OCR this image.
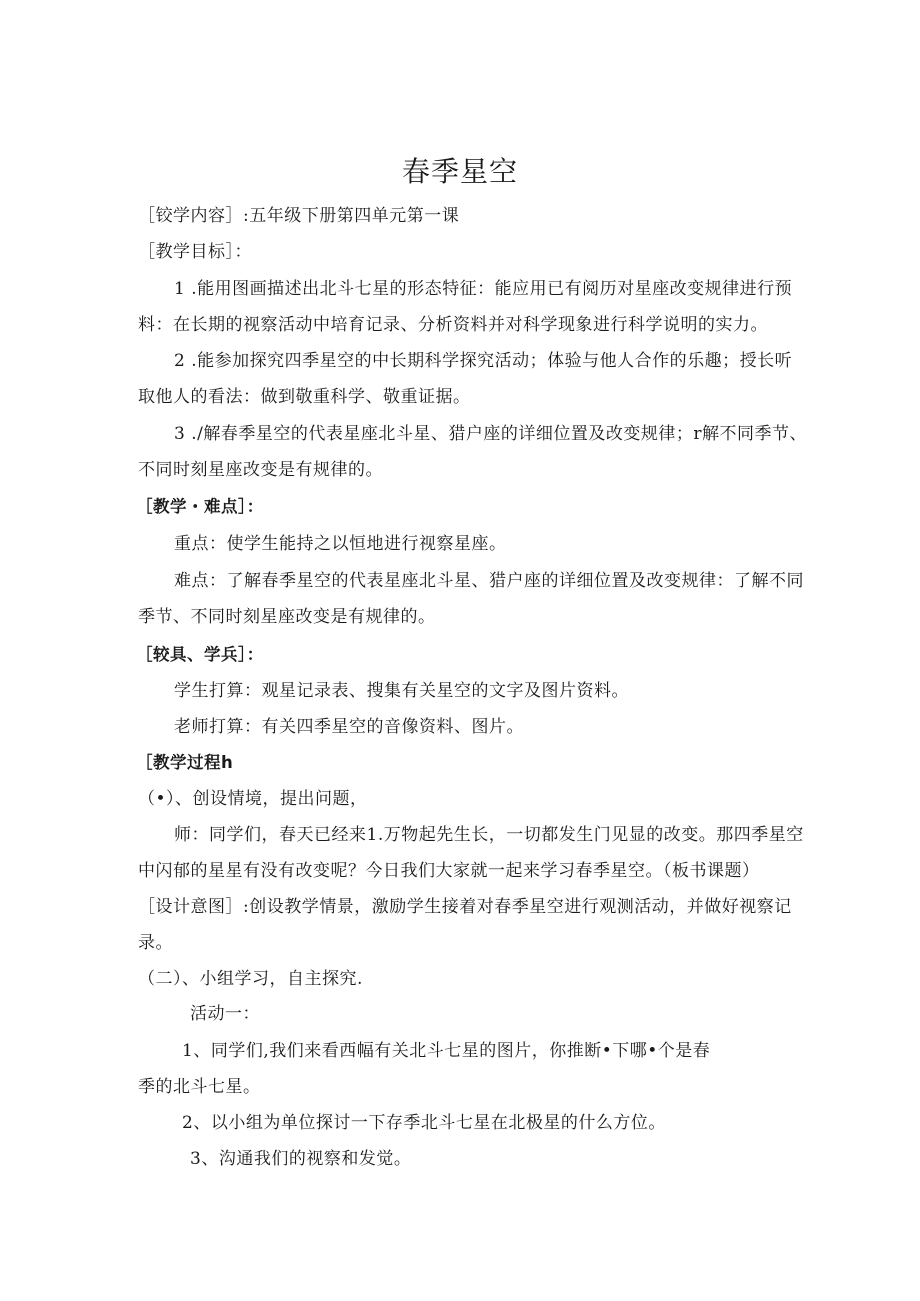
春季星空
［铰学内容］:五年级下册第四单元第一课
［教学目标］：
1 .能用图画描述出北斗七星的形态特征：能应用已有阅历对星座改变规律进行预
料：在长期的视察活动中培育记录、分析资料并对科学现象进行科学说明的实力。
2 .能参加探究四季星空的中长期科学探究活动；体验与他人合作的乐趣；授长听
取他人的看法：做到敬重科学、敬重证据。
3 ./解春季星空的代表星座北斗星、猎户座的详细位置及改变规律；r解不同季节、
不同时刻星座改变是有规律的。
［教学・难点］：
重点：使学生能持之以恒地进行视察星座。
难点：了解春季星空的代表星座北斗星、猎户座的详细位置及改变规律：了解不同
季节、不同时刻星座改变是有规律的。
［较具、学兵］：
学生打算：观星记录表、搜集有关星空的文字及图片资料。
老师打算：有关四季星空的音像资料、图片。
［教学过程h
（•）、创设情境，提出问题，
师：同学们，春天已经来1.万物起先生长，一切都发生门见显的改变。那四季星空
中闪郁的星星有没有改变呢？今日我们大家就一起来学习春季星空。（板书课题）
［设计意图］:创设教学情景，激励学生接着对春季星空进行观测活动，并做好视察记
录。
（二）、小组学习，自主探究.
活动一：
1、同学们,我们来看西幅有关北斗七星的图片，你推断•下哪•个是春
季的北斗七星。
2、以小组为单位探讨一下存季北斗七星在北极星的什么方位。
3、沟通我们的视察和发觉。
